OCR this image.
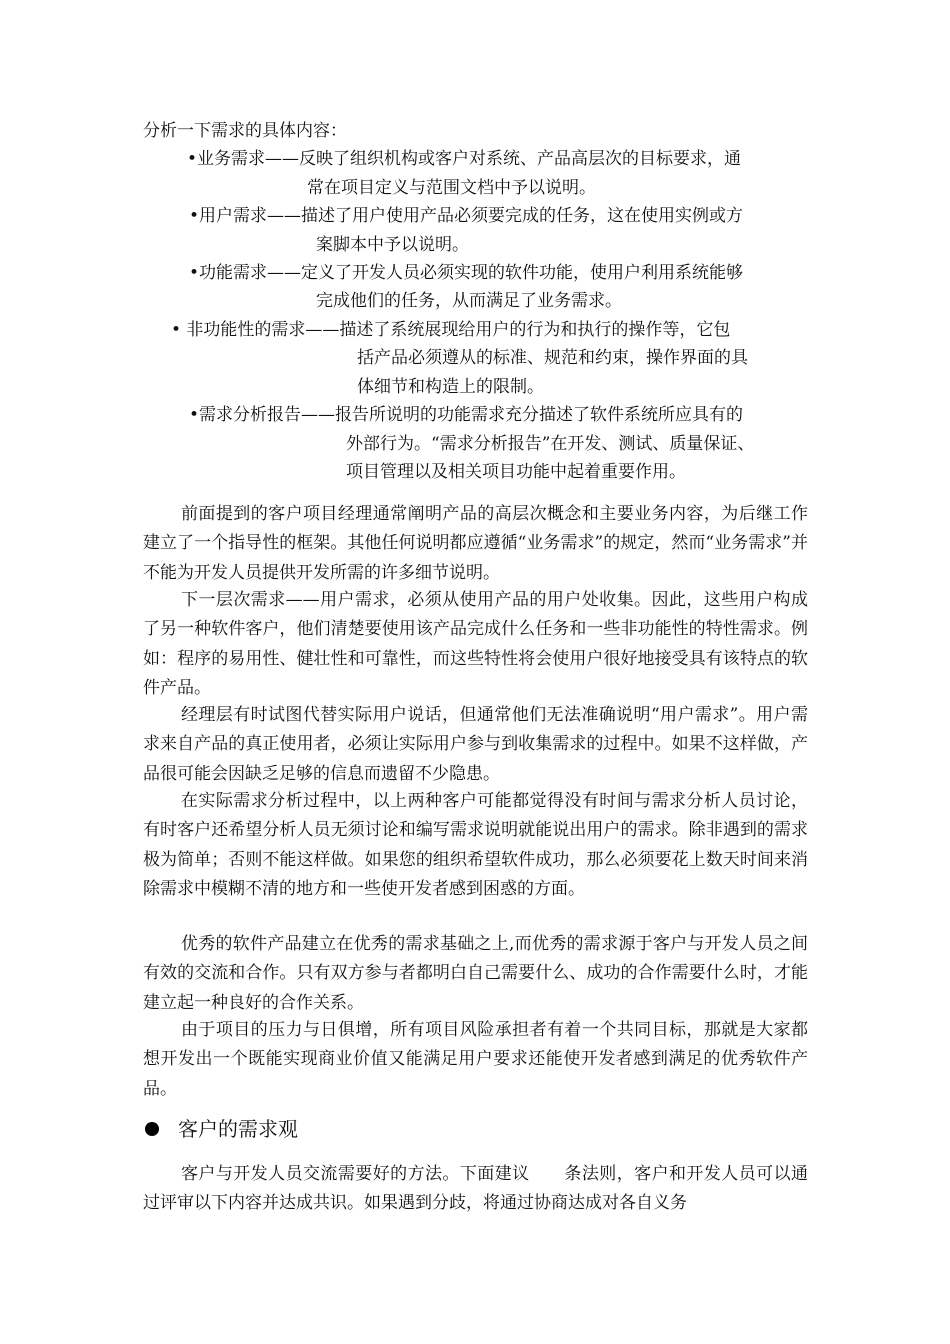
分析一下需求的具体内容：
•业务需求——反映了组织机构或客户对系统、产品高层次的目标要求，通
常在项目定义与范围文档中予以说明。
•用户需求——描述了用户使用产品必须要完成的任务，这在使用实例或方
案脚本中予以说明。
•功能需求——定义了开发人员必须实现的软件功能，使用户利用系统能够
完成他们的任务，从而满足了业务需求。
• 非功能性的需求——描述了系统展现给用户的行为和执行的操作等，它包
括产品必须遵从的标准、规范和约束，操作界面的具
体细节和构造上的限制。
•需求分析报告——报告所说明的功能需求充分描述了软件系统所应具有的
外部行为。“需求分析报告”在开发、测试、质量保证、
项目管理以及相关项目功能中起着重要作用。
前面提到的客户项目经理通常阐明产品的高层次概念和主要业务内容，为后继工作建立了一个指导性的框架。其他任何说明都应遵循“业务需求”的规定，然而“业务需求”并不能为开发人员提供开发所需的许多细节说明。
下一层次需求——用户需求，必须从使用产品的用户处收集。因此，这些用户构成了另一种软件客户，他们清楚要使用该产品完成什么任务和一些非功能性的特性需求。例如：程序的易用性、健壮性和可靠性，而这些特性将会使用户很好地接受具有该特点的软件产品。
经理层有时试图代替实际用户说话，但通常他们无法准确说明“用户需求”。用户需求来自产品的真正使用者，必须让实际用户参与到收集需求的过程中。如果不这样做，产品很可能会因缺乏足够的信息而遗留不少隐患。
在实际需求分析过程中，以上两种客户可能都觉得没有时间与需求分析人员讨论，有时客户还希望分析人员无须讨论和编写需求说明就能说出用户的需求。除非遇到的需求极为简单；否则不能这样做。如果您的组织希望软件成功，那么必须要花上数天时间来消除需求中模糊不清的地方和一些使开发者感到困惑的方面。
优秀的软件产品建立在优秀的需求基础之上,而优秀的需求源于客户与开发人员之间有效的交流和合作。只有双方参与者都明白自己需要什么、成功的合作需要什么时，才能建立起一种良好的合作关系。
由于项目的压力与日俱增，所有项目风险承担者有着一个共同目标，那就是大家都想开发出一个既能实现商业价值又能满足用户要求还能使开发者感到满足的优秀软件产品。
客户的需求观
客户与开发人员交流需要好的方法。下面建议　　条法则，客户和开发人员可以通过评审以下内容并达成共识。如果遇到分歧，将通过协商达成对各自义务
